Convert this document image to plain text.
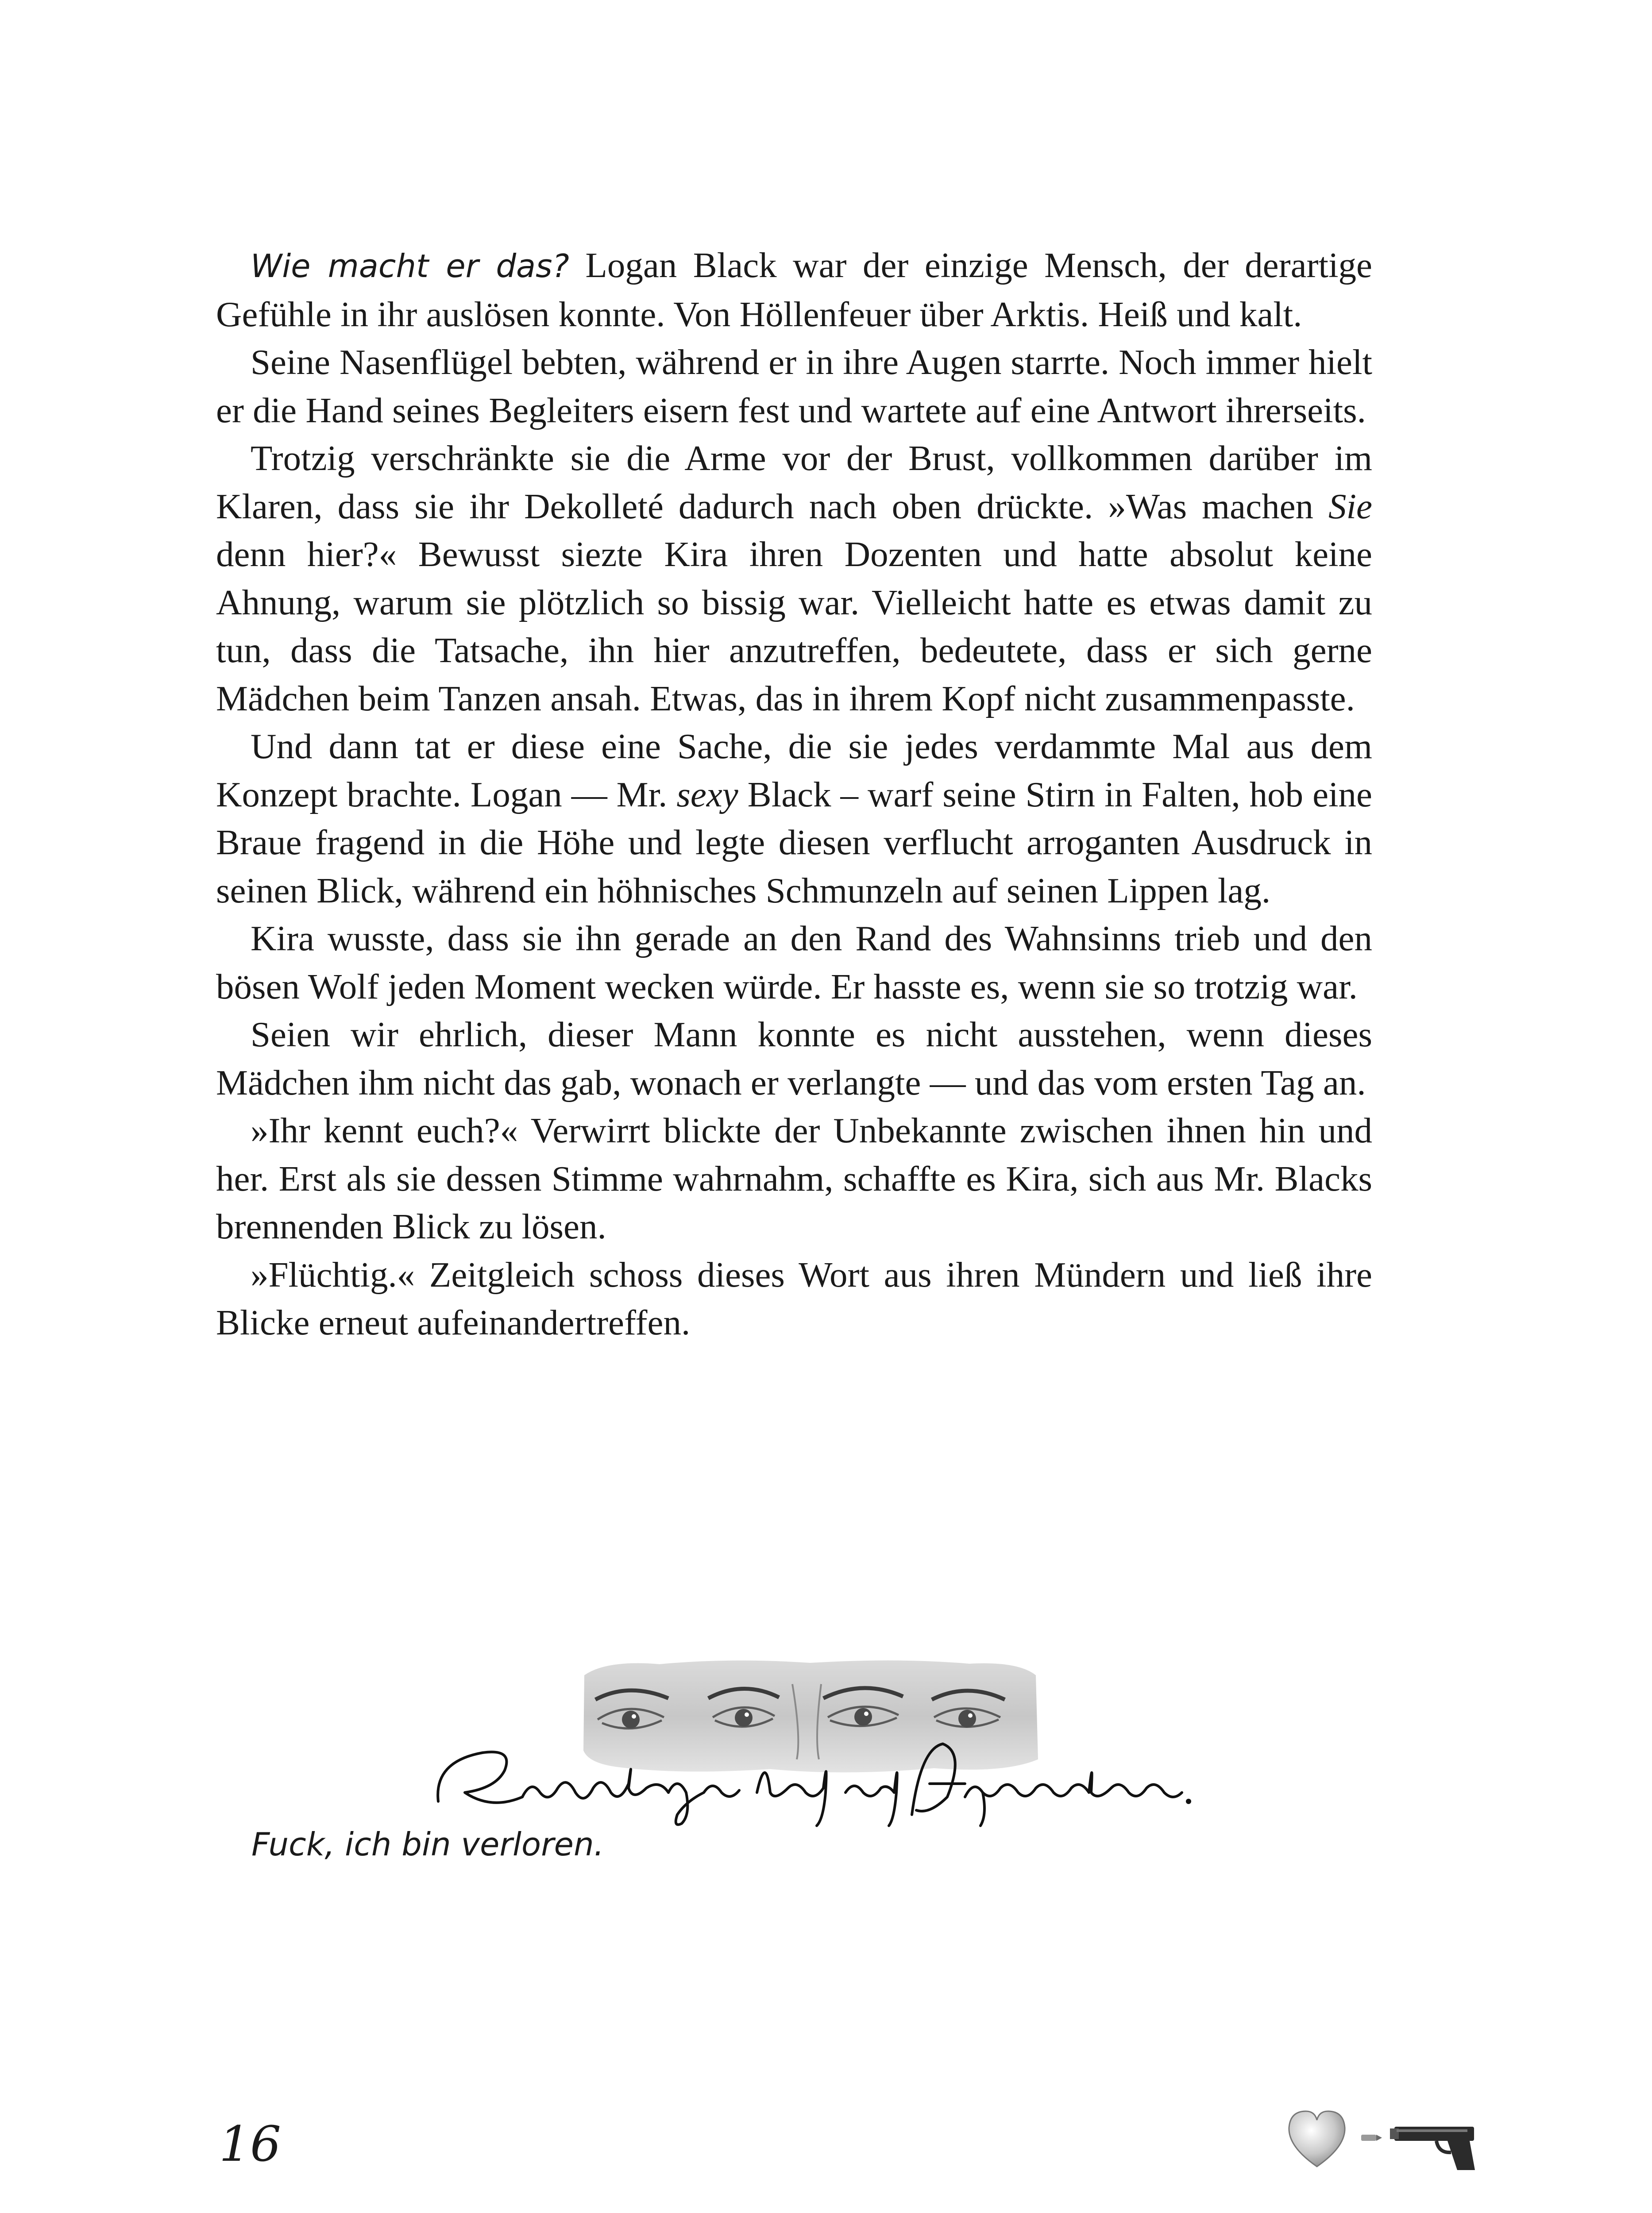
Wie macht er das? Logan Black war der einzige Mensch, der derartige Gefühle in ihr auslösen konnte. Von Höllenfeuer über Arktis. Heiß und kalt.

Seine Nasenflügel bebten, während er in ihre Augen starrte. Noch immer hielt er die Hand seines Begleiters eisern fest und wartete auf eine Antwort ihrerseits.

Trotzig verschränkte sie die Arme vor der Brust, vollkommen darüber im Klaren, dass sie ihr Dekolleté dadurch nach oben drückte. »Was machen Sie denn hier?« Bewusst siezte Kira ihren Dozenten und hatte absolut keine Ahnung, warum sie plötzlich so bissig war. Vielleicht hatte es etwas damit zu tun, dass die Tatsache, ihn hier anzutreffen, bedeutete, dass er sich gerne Mädchen beim Tanzen ansah. Etwas, das in ihrem Kopf nicht zusammenpasste.

Und dann tat er diese eine Sache, die sie jedes verdammte Mal aus dem Konzept brachte. Logan — Mr. sexy Black – warf seine Stirn in Falten, hob eine Braue fragend in die Höhe und legte diesen verflucht arroganten Ausdruck in seinen Blick, während ein höhnisches Schmunzeln auf seinen Lippen lag.

Kira wusste, dass sie ihn gerade an den Rand des Wahnsinns trieb und den bösen Wolf jeden Moment wecken würde. Er hasste es, wenn sie so trotzig war.

Seien wir ehrlich, dieser Mann konnte es nicht ausstehen, wenn dieses Mädchen ihm nicht das gab, wonach er verlangte — und das vom ersten Tag an.

»Ihr kennt euch?« Verwirrt blickte der Unbekannte zwischen ihnen hin und her. Erst als sie dessen Stimme wahrnahm, schaffte es Kira, sich aus Mr. Blacks brennenden Blick zu lösen.

»Flüchtig.« Zeitgleich schoss dieses Wort aus ihren Mündern und ließ ihre Blicke erneut aufeinandertreffen.

Fuck, ich bin verloren.
16
